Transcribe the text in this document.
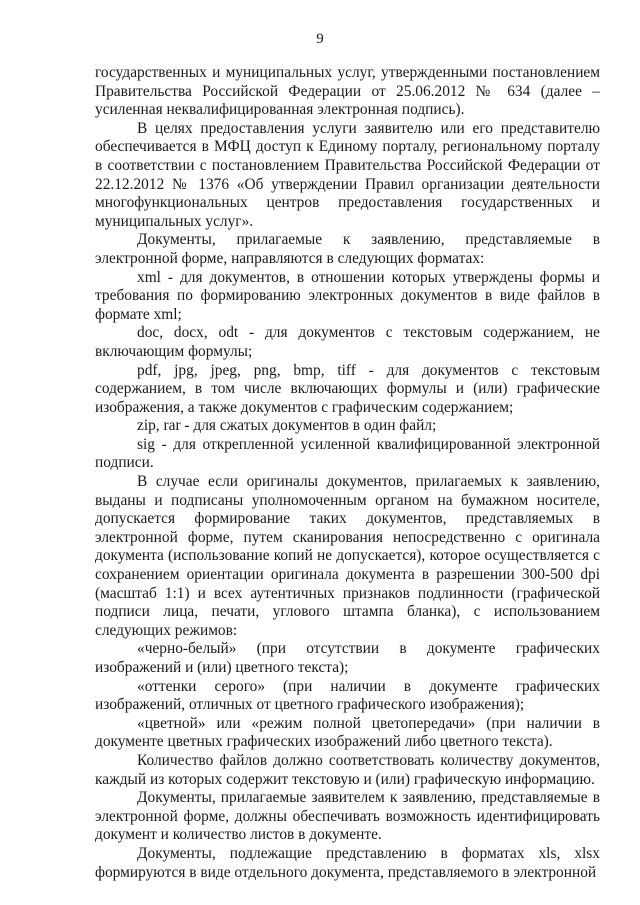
9

государственных и муниципальных услуг, утвержденными постановлением Правительства Российской Федерации от 25.06.2012 № 634 (далее – усиленная неквалифицированная электронная подпись).

В целях предоставления услуги заявителю или его представителю обеспечивается в МФЦ доступ к Единому порталу, региональному порталу в соответствии с постановлением Правительства Российской Федерации от 22.12.2012 № 1376 «Об утверждении Правил организации деятельности многофункциональных центров предоставления государственных и муниципальных услуг».

Документы, прилагаемые к заявлению, представляемые в электронной форме, направляются в следующих форматах:

xml - для документов, в отношении которых утверждены формы и требования по формированию электронных документов в виде файлов в формате xml;

doc, docx, odt - для документов с текстовым содержанием, не включающим формулы;

pdf, jpg, jpeg, png, bmp, tiff - для документов с текстовым содержанием, в том числе включающих формулы и (или) графические изображения, а также документов с графическим содержанием;

zip, rar - для сжатых документов в один файл;

sig - для открепленной усиленной квалифицированной электронной подписи.

В случае если оригиналы документов, прилагаемых к заявлению, выданы и подписаны уполномоченным органом на бумажном носителе, допускается формирование таких документов, представляемых в электронной форме, путем сканирования непосредственно с оригинала документа (использование копий не допускается), которое осуществляется с сохранением ориентации оригинала документа в разрешении 300-500 dpi (масштаб 1:1) и всех аутентичных признаков подлинности (графической подписи лица, печати, углового штампа бланка), с использованием следующих режимов:

«черно-белый» (при отсутствии в документе графических изображений и (или) цветного текста);

«оттенки серого» (при наличии в документе графических изображений, отличных от цветного графического изображения);

«цветной» или «режим полной цветопередачи» (при наличии в документе цветных графических изображений либо цветного текста).

Количество файлов должно соответствовать количеству документов, каждый из которых содержит текстовую и (или) графическую информацию.

Документы, прилагаемые заявителем к заявлению, представляемые в электронной форме, должны обеспечивать возможность идентифицировать документ и количество листов в документе.

Документы, подлежащие представлению в форматах xls, xlsx формируются в виде отдельного документа, представляемого в электронной
